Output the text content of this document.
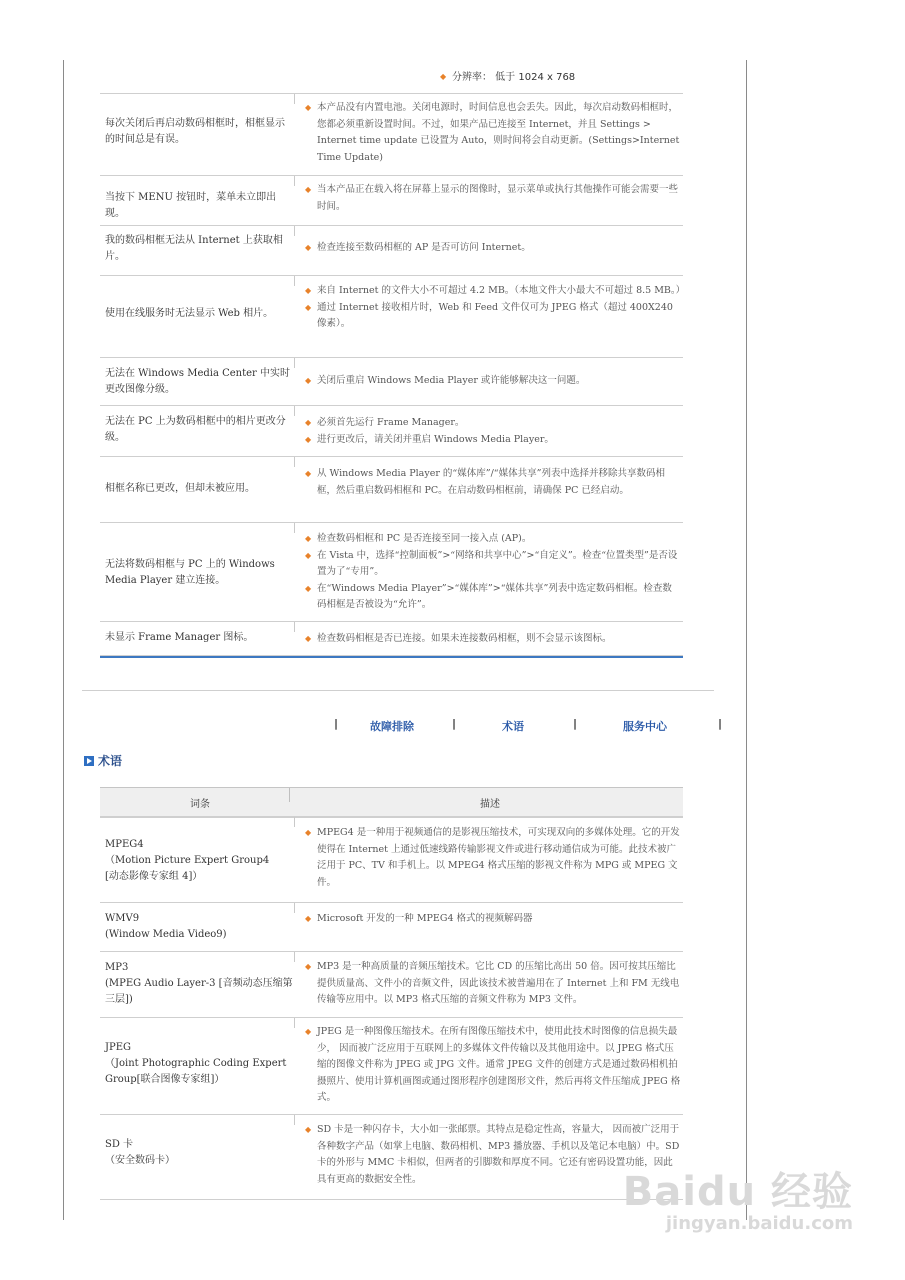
◆ 分辨率： 低于 1024 x 768
每次关闭后再启动数码相框时，相框显示的时间总是有误。
◆ 本产品没有内置电池。关闭电源时，时间信息也会丢失。因此，每次启动数码相框时，您都必须重新设置时间。不过，如果产品已连接至 Internet，并且 Settings > Internet time update 已设置为 Auto，则时间将会自动更新。(Settings>Internet Time Update)
当按下 MENU 按钮时，菜单未立即出现。
◆ 当本产品正在载入将在屏幕上显示的图像时，显示菜单或执行其他操作可能会需要一些时间。
我的数码相框无法从 Internet 上获取相片。
◆ 检查连接至数码相框的 AP 是否可访问 Internet。
使用在线服务时无法显示 Web 相片。
◆ 来自 Internet 的文件大小不可超过 4.2 MB。（本地文件大小最大不可超过 8.5 MB。）
◆ 通过 Internet 接收相片时，Web 和 Feed 文件仅可为 JPEG 格式（超过 400X240 像素）。
无法在 Windows Media Center 中实时更改图像分级。
◆ 关闭后重启 Windows Media Player 或许能够解决这一问题。
无法在 PC 上为数码相框中的相片更改分级。
◆ 必须首先运行 Frame Manager。
◆ 进行更改后，请关闭并重启 Windows Media Player。
相框名称已更改，但却未被应用。
◆ 从 Windows Media Player 的“媒体库”/“媒体共享”列表中选择并移除共享数码相框，然后重启数码相框和 PC。在启动数码相框前，请确保 PC 已经启动。
无法将数码相框与 PC 上的 Windows Media Player 建立连接。
◆ 检查数码相框和 PC 是否连接至同一接入点 (AP)。
◆ 在 Vista 中，选择“控制面板”>“网络和共享中心”>“自定义”。检查“位置类型”是否设置为了“专用”。
◆ 在“Windows Media Player”>“媒体库”>“媒体共享”列表中选定数码相框。检查数码相框是否被设为“允许”。
未显示 Frame Manager 图标。	◆ 检查数码相框是否已连接。如果未连接数码相框，则不会显示该图标。
|	故障排除	|	术语	|	服务中心	|
术语
词条	描述
MPEG4
（Motion Picture Expert Group4
[动态影像专家组 4]）
◆ MPEG4 是一种用于视频通信的是影视压缩技术，可实现双向的多媒体处理。它的开发使得在 Internet 上通过低速线路传输影视文件或进行移动通信成为可能。此技术被广泛用于 PC、TV 和手机上。以 MPEG4 格式压缩的影视文件称为 MPG 或 MPEG 文件。
WMV9
(Window Media Video9)
◆ Microsoft 开发的一种 MPEG4 格式的视频解码器
MP3
(MPEG Audio Layer-3 [音频动态压缩第三层])
◆ MP3 是一种高质量的音频压缩技术。它比 CD 的压缩比高出 50 倍。因可按其压缩比提供质量高、文件小的音频文件，因此该技术被普遍用在了 Internet 上和 FM 无线电传输等应用中。以 MP3 格式压缩的音频文件称为 MP3 文件。
JPEG
（Joint Photographic Coding Expert Group[联合图像专家组]）
◆ JPEG 是一种图像压缩技术。在所有图像压缩技术中，使用此技术时图像的信息损失最少， 因而被广泛应用于互联网上的多媒体文件传输以及其他用途中。以 JPEG 格式压缩的图像文件称为 JPEG 或 JPG 文件。通常 JPEG 文件的创建方式是通过数码相机拍摄照片、使用计算机画图或通过图形程序创建图形文件，然后再将文件压缩成 JPEG 格式。
SD 卡
（安全数码卡）
◆ SD 卡是一种闪存卡，大小如一张邮票。其特点是稳定性高，容量大， 因而被广泛用于各种数字产品（如掌上电脑、数码相机、MP3 播放器、手机以及笔记本电脑）中。SD 卡的外形与 MMC 卡相似，但两者的引脚数和厚度不同。它还有密码设置功能，因此具有更高的数据安全性。	Baidu 经验
jingyan.baidu.com
